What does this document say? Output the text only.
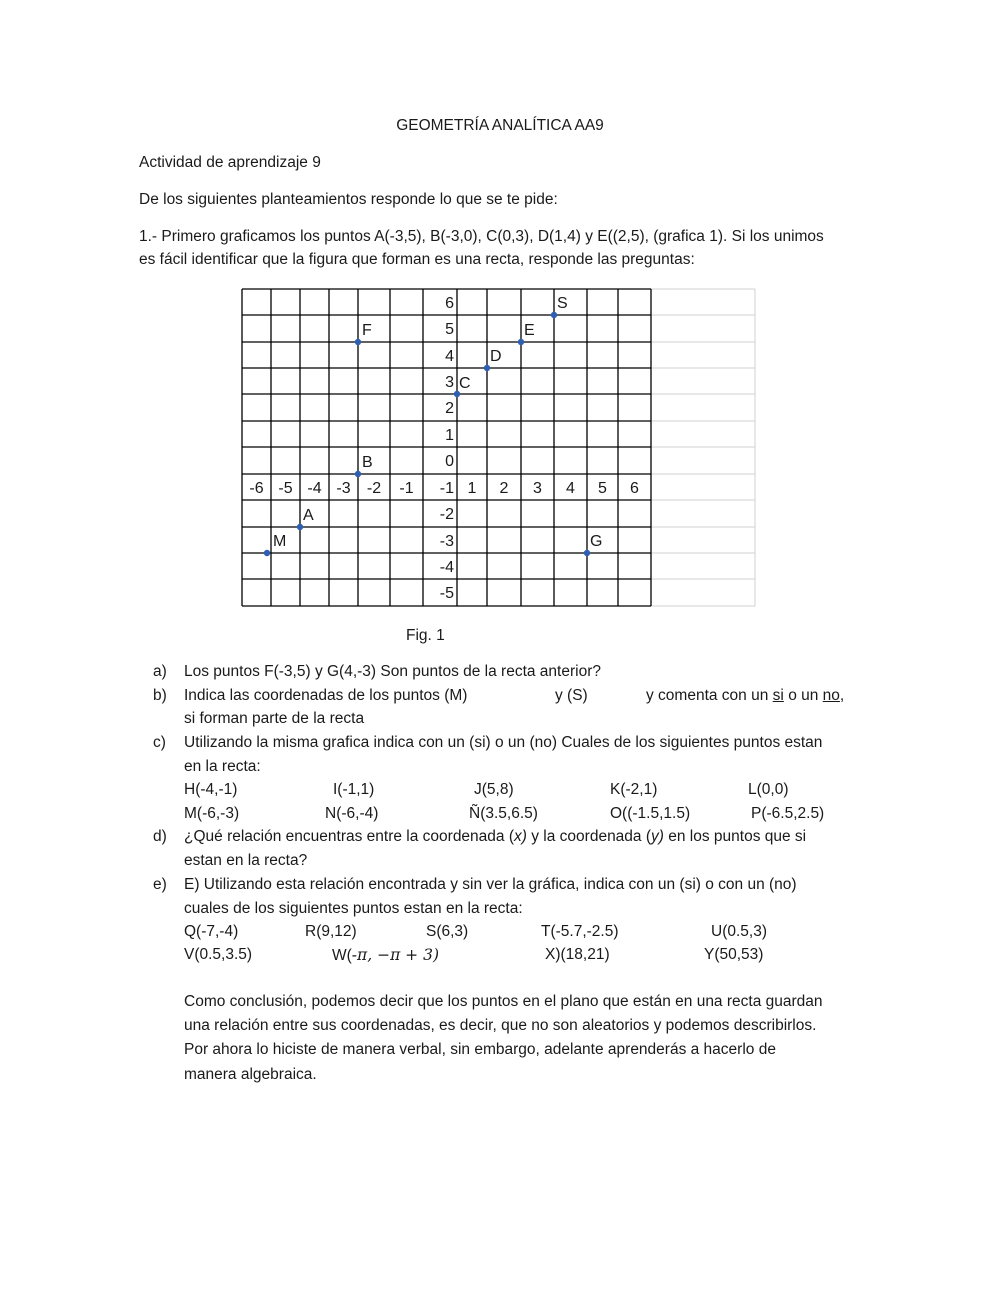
GEOMETRÍA ANALÍTICA AA9
Actividad de aprendizaje 9
De los siguientes planteamientos responde lo que se te pide:
1.- Primero graficamos los puntos A(-3,5), B(-3,0), C(0,3), D(1,4) y E((2,5), (grafica 1). Si los unimos
es fácil identificar que la figura que forman es una recta, responde las preguntas:
6
5
4
3
2
1
0
-1
-2
-3
-4
-5
-6 -5 -4 -3 -2 -1	1 2 3 4 5 6
S
F	E
D
C
B
A
M	G
Fig. 1
a) Los puntos F(-3,5) y G(4,-3) Son puntos de la recta anterior?
b) Indica las coordenadas de los puntos (M)	y (S)	y comenta con un si o un no,
si forman parte de la recta
c) Utilizando la misma grafica indica con un (si) o un (no) Cuales de los siguientes puntos estan
en la recta:
H(-4,-1)	I(-1,1)	J(5,8)	K(-2,1)	L(0,0)
M(-6,-3)	N(-6,-4)	Ñ(3.5,6.5)	O((-1.5,1.5)	P(-6.5,2.5)
d) ¿Qué relación encuentras entre la coordenada (x) y la coordenada (y) en los puntos que si
estan en la recta?
e) E) Utilizando esta relación encontrada y sin ver la gráfica, indica con un (si) o con un (no)
cuales de los siguientes puntos estan en la recta:
Q(-7,-4)	R(9,12)	S(6,3)	T(-5.7,-2.5)	U(0.5,3)
V(0.5,3.5)	W(-π, −π + 3)	X)(18,21)	Y(50,53)
Como conclusión, podemos decir que los puntos en el plano que están en una recta guardan
una relación entre sus coordenadas, es decir, que no son aleatorios y podemos describirlos.
Por ahora lo hiciste de manera verbal, sin embargo, adelante aprenderás a hacerlo de
manera algebraica.
